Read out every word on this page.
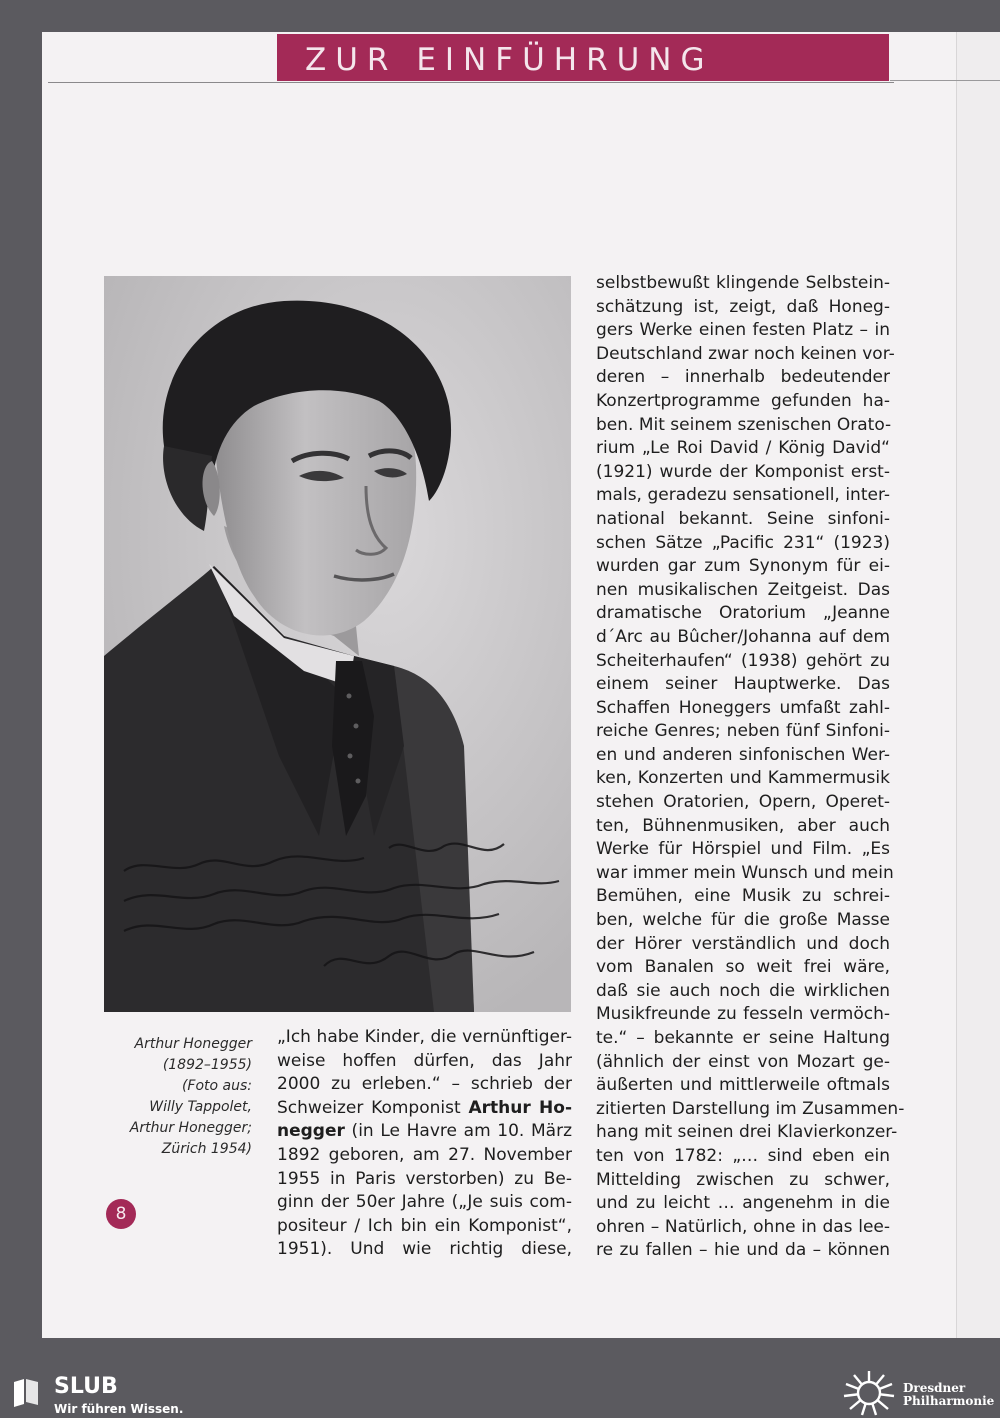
ZUR EINFÜHRUNG
Arthur Honegger
(1892–1955)
(Foto aus:
Willy Tappolet,
Arthur Honegger;
Zürich 1954)
„Ich habe Kinder, die vernünftiger-
weise hoffen dürfen, das Jahr
2000 zu erleben.“ – schrieb der
Schweizer Komponist Arthur Ho-
negger (in Le Havre am 10. März
1892 geboren, am 27. November
1955 in Paris verstorben) zu Be-
ginn der 50er Jahre („Je suis com-
positeur / Ich bin ein Komponist“,
1951). Und wie richtig diese,
selbstbewußt klingende Selbstein-
schätzung ist, zeigt, daß Honeg-
gers Werke einen festen Platz – in
Deutschland zwar noch keinen vor-
deren – innerhalb bedeutender
Konzertprogramme gefunden ha-
ben. Mit seinem szenischen Orato-
rium „Le Roi David / König David“
(1921) wurde der Komponist erst-
mals, geradezu sensationell, inter-
national bekannt. Seine sinfoni-
schen Sätze „Pacific 231“ (1923)
wurden gar zum Synonym für ei-
nen musikalischen Zeitgeist. Das
dramatische Oratorium „Jeanne
d´Arc au Bûcher/Johanna auf dem
Scheiterhaufen“ (1938) gehört zu
einem seiner Hauptwerke. Das
Schaffen Honeggers umfaßt zahl-
reiche Genres; neben fünf Sinfoni-
en und anderen sinfonischen Wer-
ken, Konzerten und Kammermusik
stehen Oratorien, Opern, Operet-
ten, Bühnenmusiken, aber auch
Werke für Hörspiel und Film. „Es
war immer mein Wunsch und mein
Bemühen, eine Musik zu schrei-
ben, welche für die große Masse
der Hörer verständlich und doch
vom Banalen so weit frei wäre,
daß sie auch noch die wirklichen
Musikfreunde zu fesseln vermöch-
te.“ – bekannte er seine Haltung
(ähnlich der einst von Mozart ge-
äußerten und mittlerweile oftmals
zitierten Darstellung im Zusammen-
hang mit seinen drei Klavierkonzer-
ten von 1782: „… sind eben ein
Mittelding zwischen zu schwer,
und zu leicht … angenehm in die
ohren – Natürlich, ohne in das lee-
re zu fallen – hie und da – können
8
SLUB
Wir führen Wissen.
Dresdner
Philharmonie
